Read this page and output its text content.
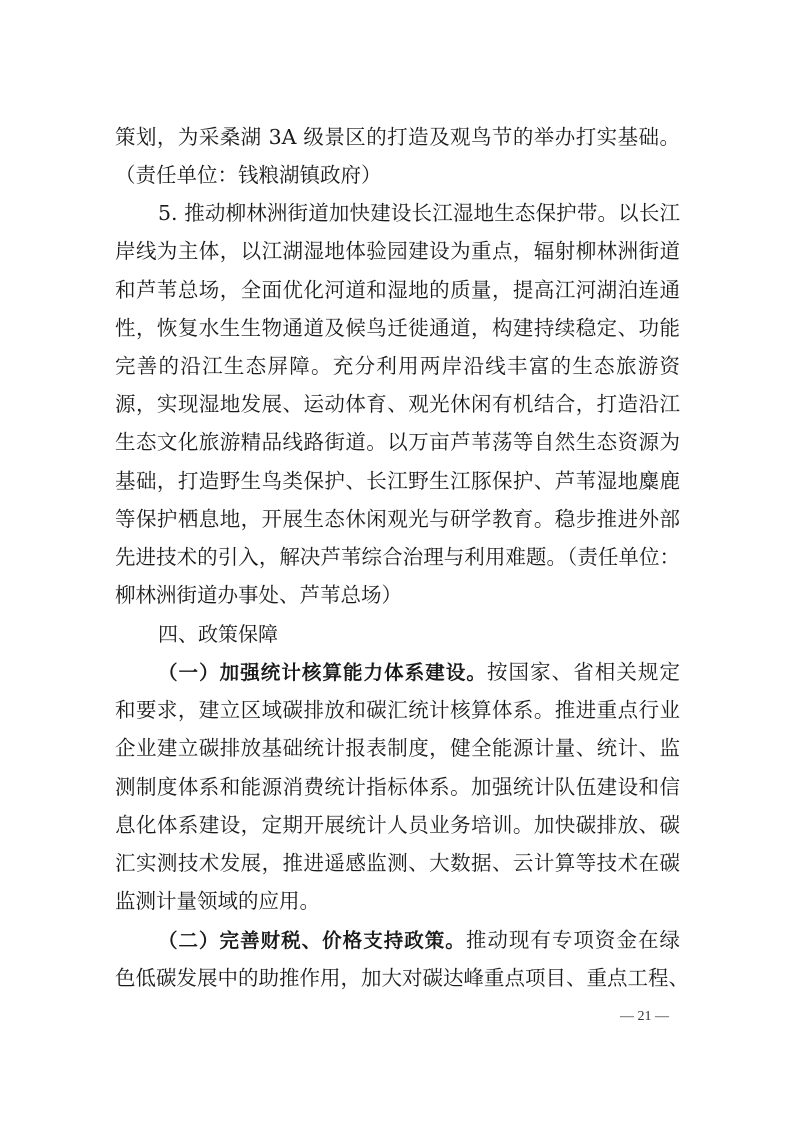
策划，为采桑湖 3A 级景区的打造及观鸟节的举办打实基础。
（责任单位：钱粮湖镇政府）
5. 推动柳林洲街道加快建设长江湿地生态保护带。以长江
岸线为主体，以江湖湿地体验园建设为重点，辐射柳林洲街道
和芦苇总场，全面优化河道和湿地的质量，提高江河湖泊连通
性，恢复水生生物通道及候鸟迁徙通道，构建持续稳定、功能
完善的沿江生态屏障。充分利用两岸沿线丰富的生态旅游资
源，实现湿地发展、运动体育、观光休闲有机结合，打造沿江
生态文化旅游精品线路街道。以万亩芦苇荡等自然生态资源为
基础，打造野生鸟类保护、长江野生江豚保护、芦苇湿地麋鹿
等保护栖息地，开展生态休闲观光与研学教育。稳步推进外部
先进技术的引入，解决芦苇综合治理与利用难题。（责任单位：
柳林洲街道办事处、芦苇总场）
四、政策保障
（一）加强统计核算能力体系建设。按国家、省相关规定
和要求，建立区域碳排放和碳汇统计核算体系。推进重点行业
企业建立碳排放基础统计报表制度，健全能源计量、统计、监
测制度体系和能源消费统计指标体系。加强统计队伍建设和信
息化体系建设，定期开展统计人员业务培训。加快碳排放、碳
汇实测技术发展，推进遥感监测、大数据、云计算等技术在碳
监测计量领域的应用。
（二）完善财税、价格支持政策。推动现有专项资金在绿
色低碳发展中的助推作用，加大对碳达峰重点项目、重点工程、
— 21 —
